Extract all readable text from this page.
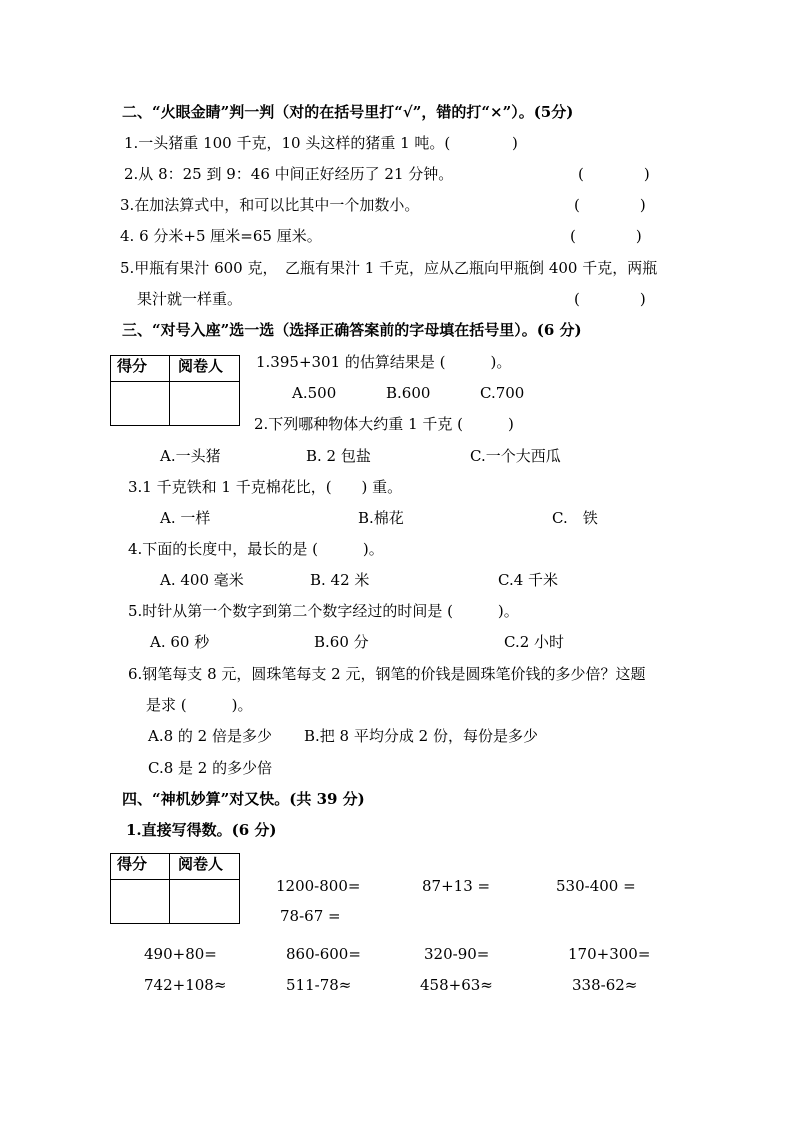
二、“火眼金睛”判一判（对的在括号里打“√”，错的打“×”）。(5分)
1.一头猪重 100 千克，10 头这样的猪重 1 吨。(	)
2.从 8：25 到 9：46 中间正好经历了 21 分钟。	(　　　　)
3.在加法算式中，和可以比其中一个加数小。	(　　　　)
4. 6 分米+5 厘米=65 厘米。	(　　　　)
5.甲瓶有果汁 600 克，　乙瓶有果汁 1 千克，应从乙瓶向甲瓶倒 400 千克，两瓶
果汁就一样重。	(　　　　)
三、“对号入座”选一选（选择正确答案前的字母填在括号里）。(6 分)
得分	阅卷人
	1.395+301 的估算结果是 (　　　)。
A.500	B.600	C.700
2.下列哪种物体大约重 1 千克 (　　　)
A.一头猪	B. 2 包盐	C.一个大西瓜
3.1 千克铁和 1 千克棉花比，(　　) 重。
A. 一样	B.棉花	C.　铁
4.下面的长度中，最长的是 (　　　)。
A. 400 毫米	B. 42 米	C.4 千米
5.时针从第一个数字到第二个数字经过的时间是 (　　　)。
A. 60 秒	B.60 分	C.2 小时
6.钢笔每支 8 元，圆珠笔每支 2 元，钢笔的价钱是圆珠笔价钱的多少倍？这题
是求 (　　　)。
A.8 的 2 倍是多少 B.把 8 平均分成 2 份，每份是多少
C.8 是 2 的多少倍
四、“神机妙算”对又快。(共 39 分)
1.直接写得数。(6 分)
得分	阅卷人

1200-800=	87+13 =	530-400 =
78-67 =
490+80=	860-600=	320-90=	170+300=
742+108≈	511-78≈	458+63≈	338-62≈
